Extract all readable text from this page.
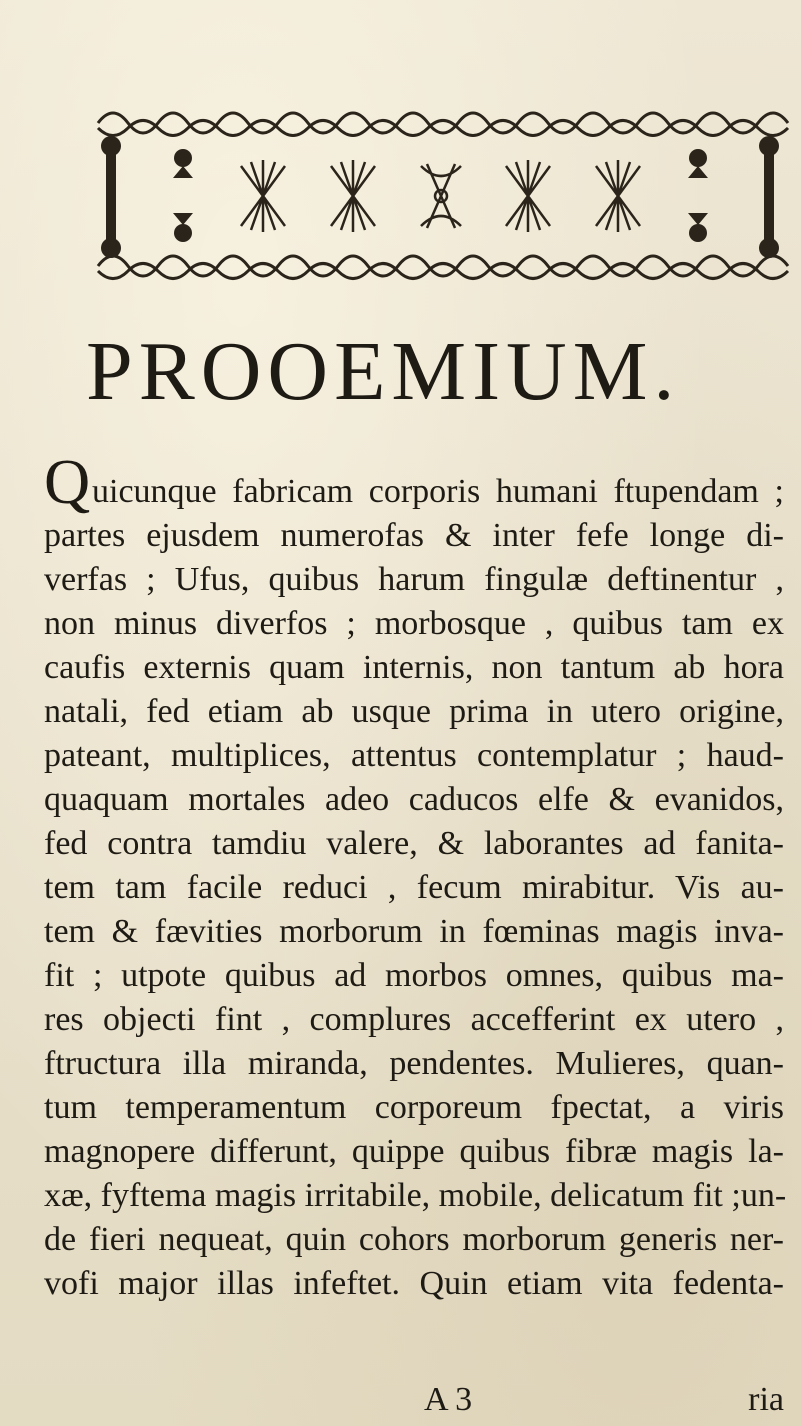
PROOEMIUM.
Q uicunque fabricam corporis humani ftupendam ;
partes ejusdem numerofas & inter fefe longe di-
verfas ; Ufus, quibus harum fingulæ deftinentur ,
non minus diverfos ; morbosque , quibus tam ex
caufis externis quam internis, non tantum ab hora
natali, fed etiam ab usque prima in utero origine,
pateant, multiplices, attentus contemplatur ; haud-
quaquam mortales adeo caducos elfe & evanidos,
fed contra tamdiu valere, & laborantes ad fanita-
tem tam facile reduci , fecum mirabitur. Vis au-
tem & fævities morborum in fœminas magis inva-
fit ; utpote quibus ad morbos omnes, quibus ma-
res objecti fint , complures accefferint ex utero ,
ftructura illa miranda, pendentes. Mulieres, quan-
tum temperamentum corporeum fpectat, a viris
magnopere differunt, quippe quibus fibræ magis la-
xæ, fyftema magis irritabile, mobile, delicatum fit ;un-
de fieri nequeat, quin cohors morborum generis ner-
vofi major illas infeftet. Quin etiam vita fedenta-
A 3	ria
